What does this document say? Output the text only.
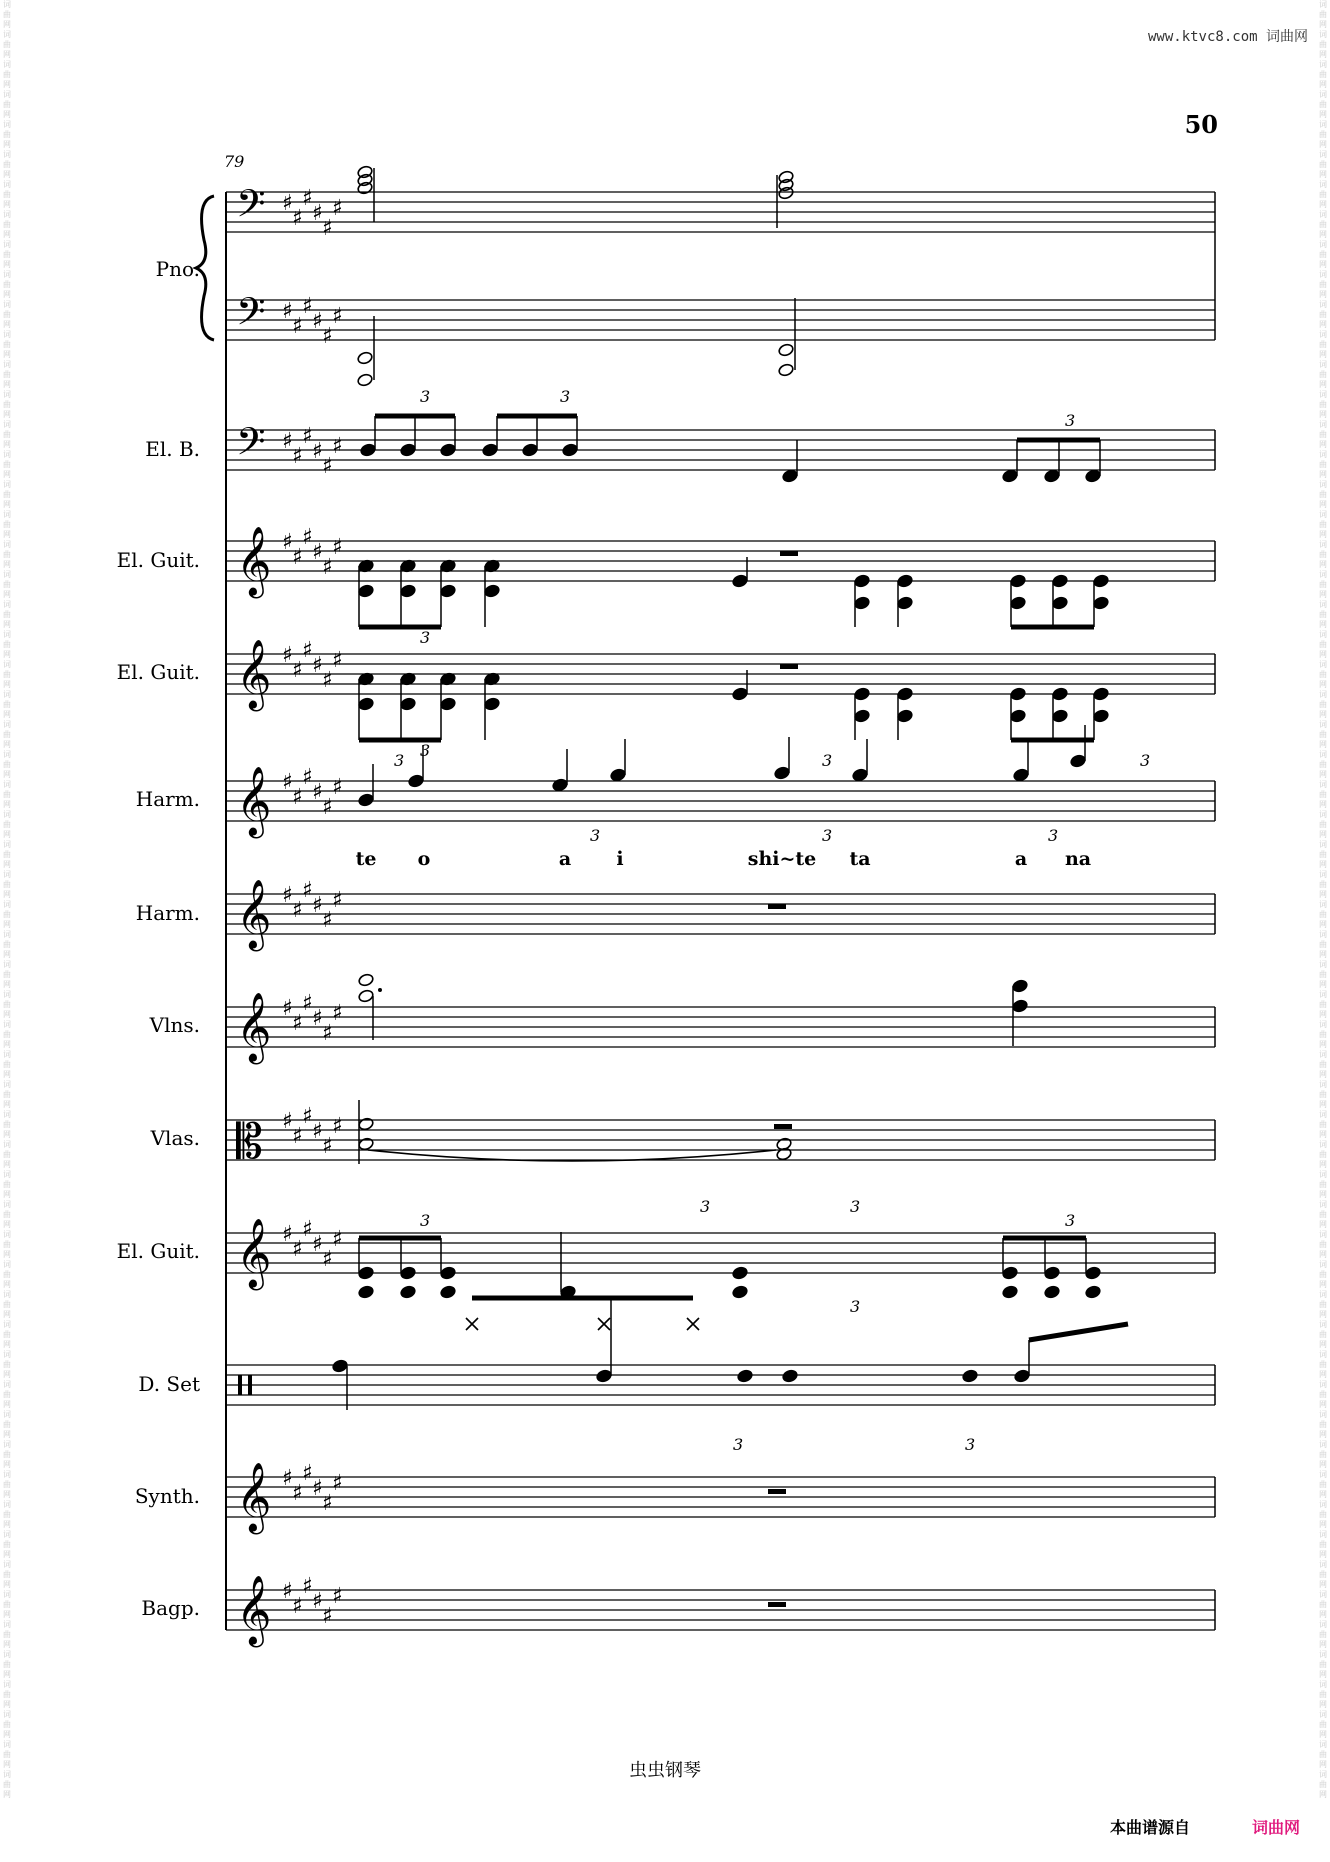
词
曲
网
词
曲
网
词
曲
网
词
曲
网
词
曲
网
词
曲
网
词
曲
网
词
曲
网
词
曲
网
词
曲
网
词
曲
网
词
曲
网
词
曲
网
词
曲
网
词
曲
网
词
曲
网
词
曲
网
词
曲
网
词
曲
网
词
曲
网
词
曲
网
词
曲
网
词
曲
网
词
曲
网
词
曲
网
词
曲
网
词
曲
网
词
曲
网
词
曲
网
词
曲
网
词
曲
网
词
曲
网
词
曲
网
词
曲
网
词
曲
网
词
曲
网
词
曲
网
词
曲
网
词
曲
网
词
曲
网
词
曲
网
词
曲
网
词
曲
网
词
曲
网
词
曲
网
词
曲
网
词
曲
网
词
曲
网
词
曲
网
词
曲
网
词
曲
网
词
曲
网
词
曲
网
词
曲
网
词
曲
网
词
曲
网
词
曲
网
词
曲
网
词
曲
网
词
曲
网
词
曲
网
词
曲
网
词
曲
网
词
曲
网
词
曲
网
词
曲
网
词
曲
网
词
曲
网
词
曲
网
词
曲
网
词
曲
网
词
曲
网
词
曲
网
词
曲
网
词
曲
网
词
曲
网
词
曲
网
词
曲
网
词
曲
网
词
曲
网
词
曲
网
词
曲
网
词
曲
网
词
曲
网
词
曲
网
词
曲
网
词
曲
网
词
曲
网
词
曲
网
词
曲
网
词
曲
网
词
曲
网
词
曲
网
词
曲
网
词
曲
网
词
曲
网
词
曲
网
词
曲
网
词
曲
网
词
曲
网
词
曲
网
词
曲
网
词
曲
网
词
曲
网
词
曲
网
词
曲
网
词
曲
网
词
曲
网
词
曲
网
词
曲
网
词
曲
网
词
曲
网
词
曲
网
词
曲
网
词
曲
网
词
曲
网
词
曲
网
词
曲
网
词
曲
网
词
曲
网
www.ktvc8.com 词曲网
50
79
Pno.
El. B.
El. Guit.
El. Guit.
Harm.
Harm.
Vlns.
Vlas.
El. Guit.
D. Set
Synth.
Bagp.
te o	a i	shi~te ta	a na
𝄢 ♯
♯
♯
♯
♯
♯
𝄢 ♯
♯
♯
♯
♯
♯
𝄢 ♯
♯
♯
♯
♯
♯
𝄞 ♯
♯
♯
♯
♯
♯
𝄞 ♯
♯
♯
♯
♯
♯
𝄞 ♯
♯
♯
♯
♯
♯
𝄞 ♯
♯
♯
♯
♯
♯
𝄞 ♯
♯
♯
♯
♯
♯
𝄡 ♯
♯
♯
♯
♯
♯
𝄞 ♯
♯
♯
♯
♯
♯
𝄞 ♯
♯
♯
♯
♯
♯
𝄞 ♯
♯
♯
♯
♯
♯
3	3
3
3
3
3
3
3
3	3
3
3	3
3	3
3	3
3
虫虫钢琴
本曲谱源自	词曲网
